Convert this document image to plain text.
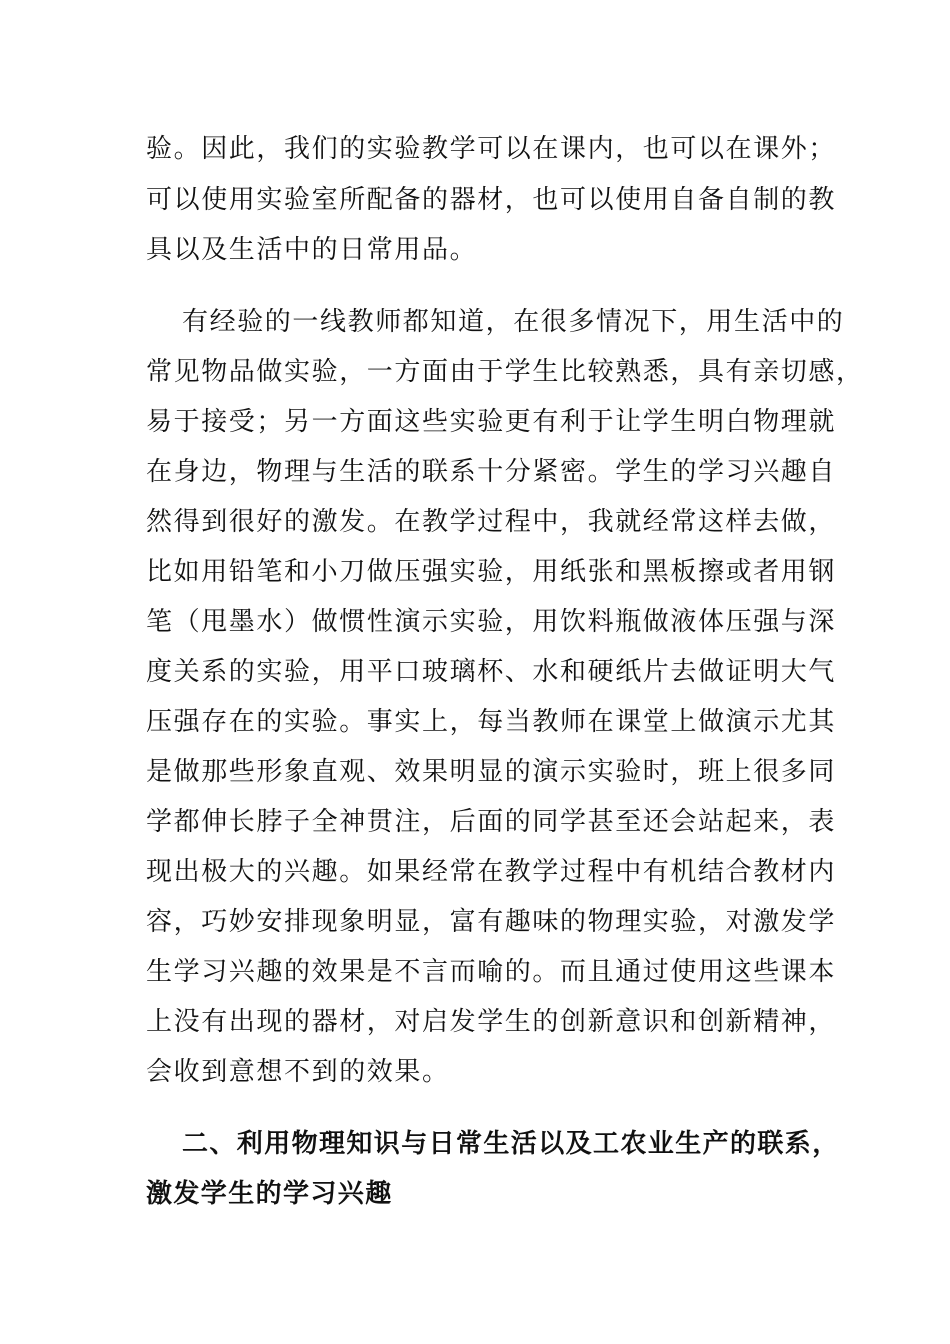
验。因此，我们的实验教学可以在课内，也可以在课外；
可以使用实验室所配备的器材，也可以使用自备自制的教
具以及生活中的日常用品。
有经验的一线教师都知道，在很多情况下，用生活中的
常见物品做实验，一方面由于学生比较熟悉，具有亲切感，
易于接受；另一方面这些实验更有利于让学生明白物理就
在身边，物理与生活的联系十分紧密。学生的学习兴趣自
然得到很好的激发。在教学过程中，我就经常这样去做，
比如用铅笔和小刀做压强实验，用纸张和黑板擦或者用钢
笔（甩墨水）做惯性演示实验，用饮料瓶做液体压强与深
度关系的实验，用平口玻璃杯、水和硬纸片去做证明大气
压强存在的实验。事实上，每当教师在课堂上做演示尤其
是做那些形象直观、效果明显的演示实验时，班上很多同
学都伸长脖子全神贯注，后面的同学甚至还会站起来，表
现出极大的兴趣。如果经常在教学过程中有机结合教材内
容，巧妙安排现象明显，富有趣味的物理实验，对激发学
生学习兴趣的效果是不言而喻的。而且通过使用这些课本
上没有出现的器材，对启发学生的创新意识和创新精神，
会收到意想不到的效果。
二、利用物理知识与日常生活以及工农业生产的联系，
激发学生的学习兴趣
